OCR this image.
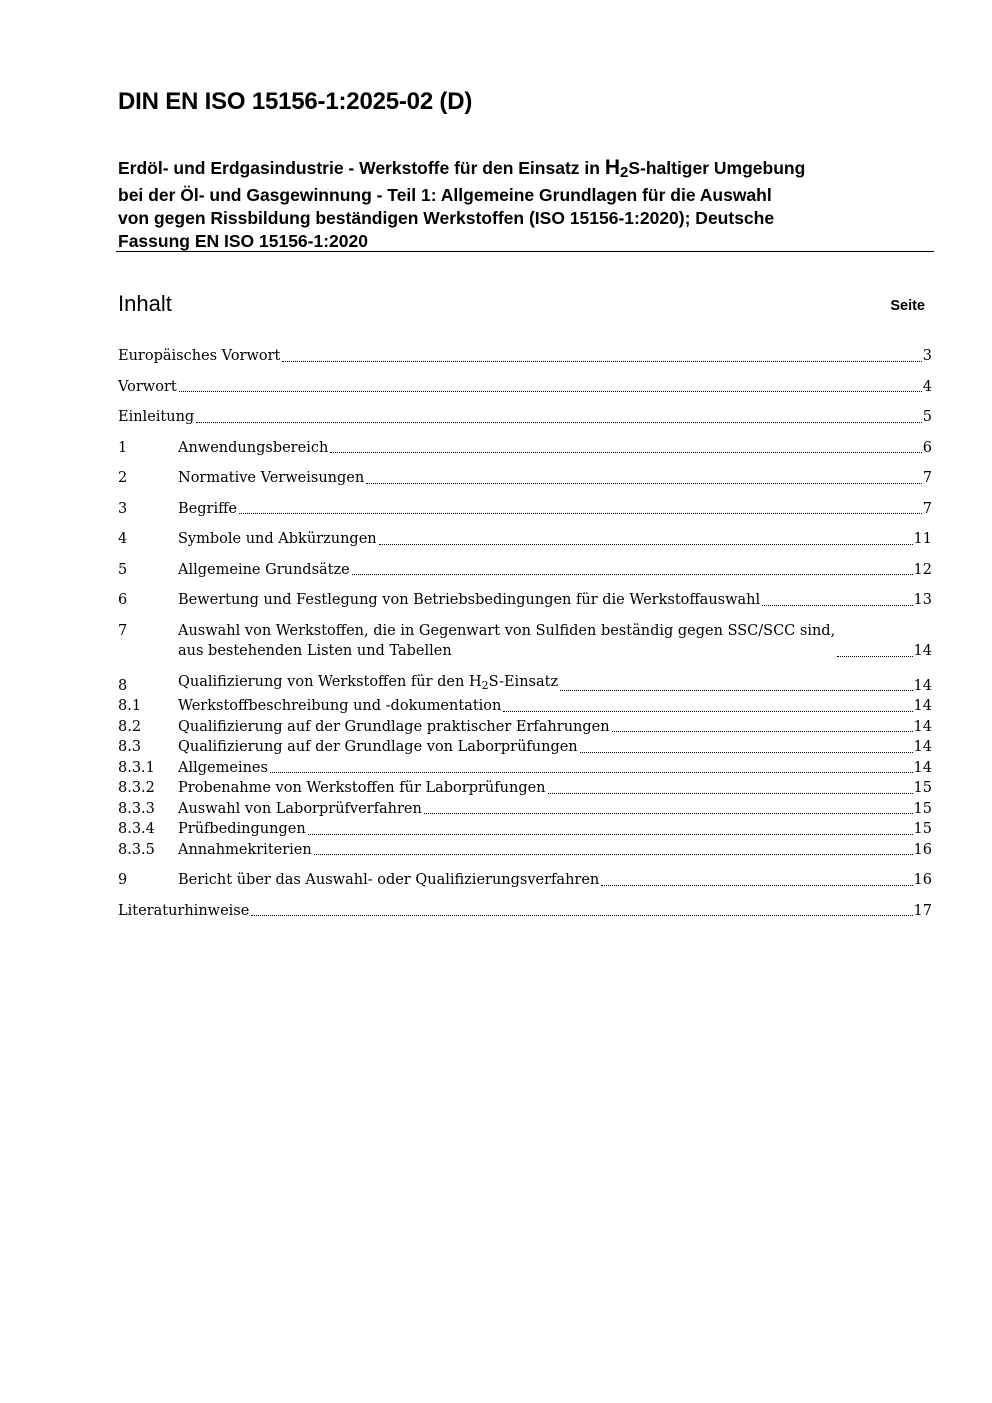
DIN EN ISO 15156-1:2025-02 (D)
Erdöl- und Erdgasindustrie - Werkstoffe für den Einsatz in $H_2S$-haltiger Umgebung
bei der Öl- und Gasgewinnung - Teil 1: Allgemeine Grundlagen für die Auswahl
von gegen Rissbildung beständigen Werkstoffen (ISO 15156-1:2020); Deutsche
Fassung EN ISO 15156-1:2020
Inhalt	Seite
Europäisches Vorwort	3
Vorwort	4
Einleitung	5
1	Anwendungsbereich	6
2	Normative Verweisungen	7
3	Begriffe	7
4	Symbole und Abkürzungen	11
5	Allgemeine Grundsätze	12
6	Bewertung und Festlegung von Betriebsbedingungen für die Werkstoffauswahl	13
7	Auswahl von Werkstoffen, die in Gegenwart von Sulfiden beständig gegen SSC/SCC sind,
aus bestehenden Listen und Tabellen	14
8	Qualifizierung von Werkstoffen für den $H_2S$-Einsatz	14
8.1	Werkstoffbeschreibung und -dokumentation	14
8.2	Qualifizierung auf der Grundlage praktischer Erfahrungen	14
8.3	Qualifizierung auf der Grundlage von Laborprüfungen	14
8.3.1	Allgemeines	14
8.3.2	Probenahme von Werkstoffen für Laborprüfungen	15
8.3.3	Auswahl von Laborprüfverfahren	15
8.3.4	Prüfbedingungen	15
8.3.5	Annahmekriterien	16
9	Bericht über das Auswahl- oder Qualifizierungsverfahren	16
Literaturhinweise	17
